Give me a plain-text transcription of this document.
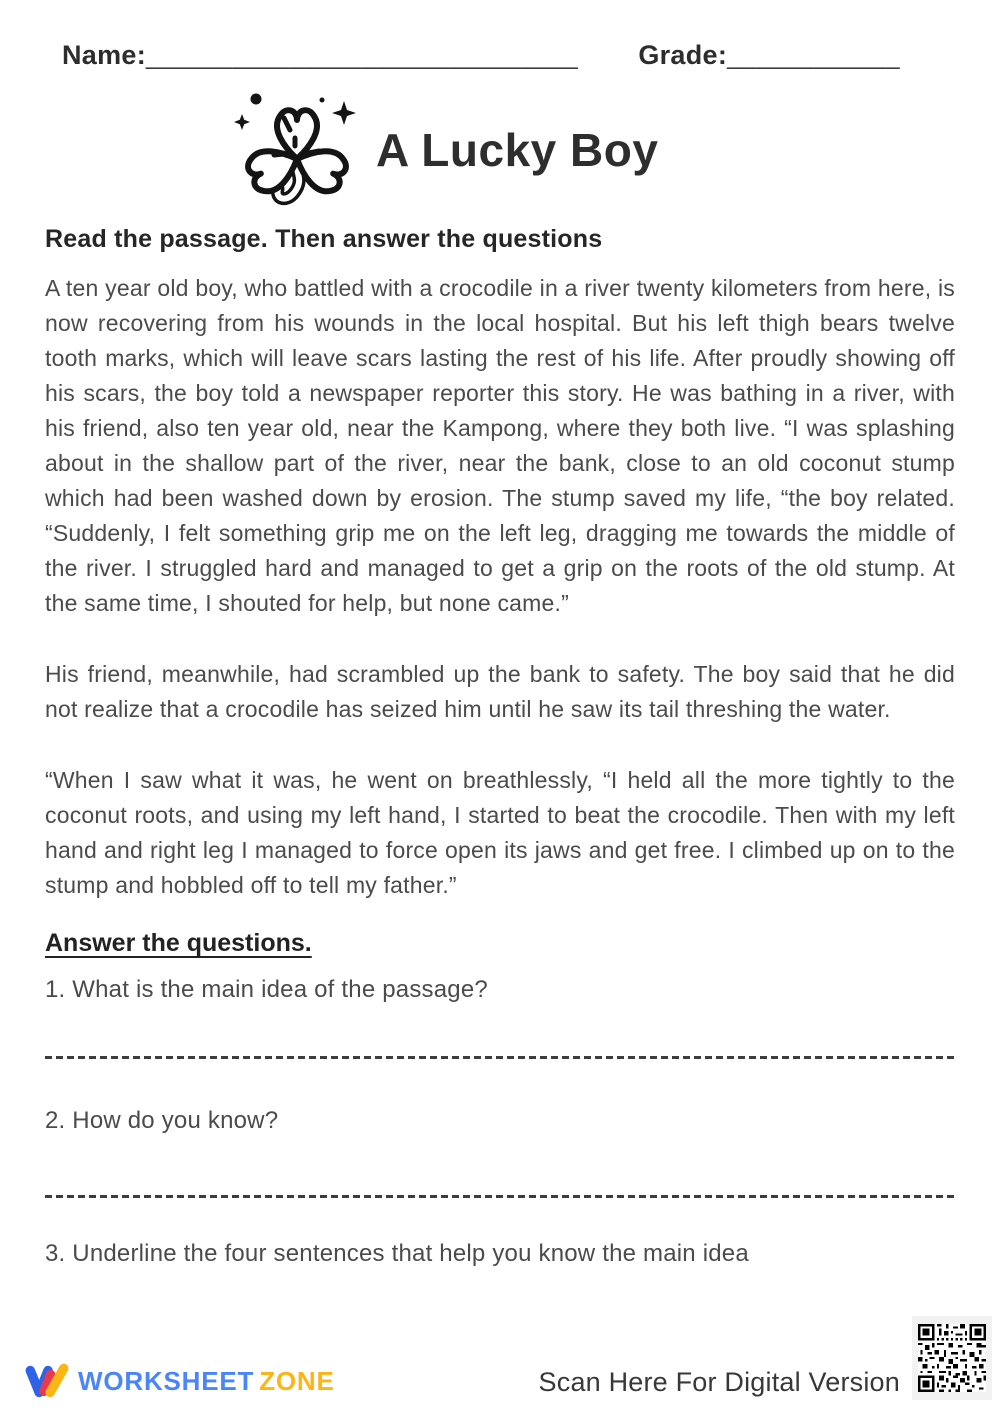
Name: ______________________________ Grade: ____________
A Lucky Boy
Read the passage. Then answer the questions

A ten year old boy, who battled with a crocodile in a river twenty kilometers from here, is now recovering from his wounds in the local hospital. But his left thigh bears twelve tooth marks, which will leave scars lasting the rest of his life. After proudly showing off his scars, the boy told a newspaper reporter this story. He was bathing in a river, with his friend, also ten year old, near the Kampong, where they both live. “I was splashing about in the shallow part of the river, near the bank, close to an old coconut stump which had been washed down by erosion. The stump saved my life, “the boy related. “Suddenly, I felt something grip me on the left leg, dragging me towards the middle of the river. I struggled hard and managed to get a grip on the roots of the old stump. At the same time, I shouted for help, but none came.”

His friend, meanwhile, had scrambled up the bank to safety. The boy said that he did not realize that a crocodile has seized him until he saw its tail threshing the water.

“When I saw what it was, he went on breathlessly, “I held all the more tightly to the coconut roots, and using my left hand, I started to beat the crocodile. Then with my left hand and right leg I managed to force open its jaws and get free. I climbed up on to the stump and hobbled off to tell my father.”

Answer the questions.
1. What is the main idea of the passage?
2. How do you know?
3. Underline the four sentences that help you know the main idea
WORKSHEET ZONE	Scan Here For Digital Version
